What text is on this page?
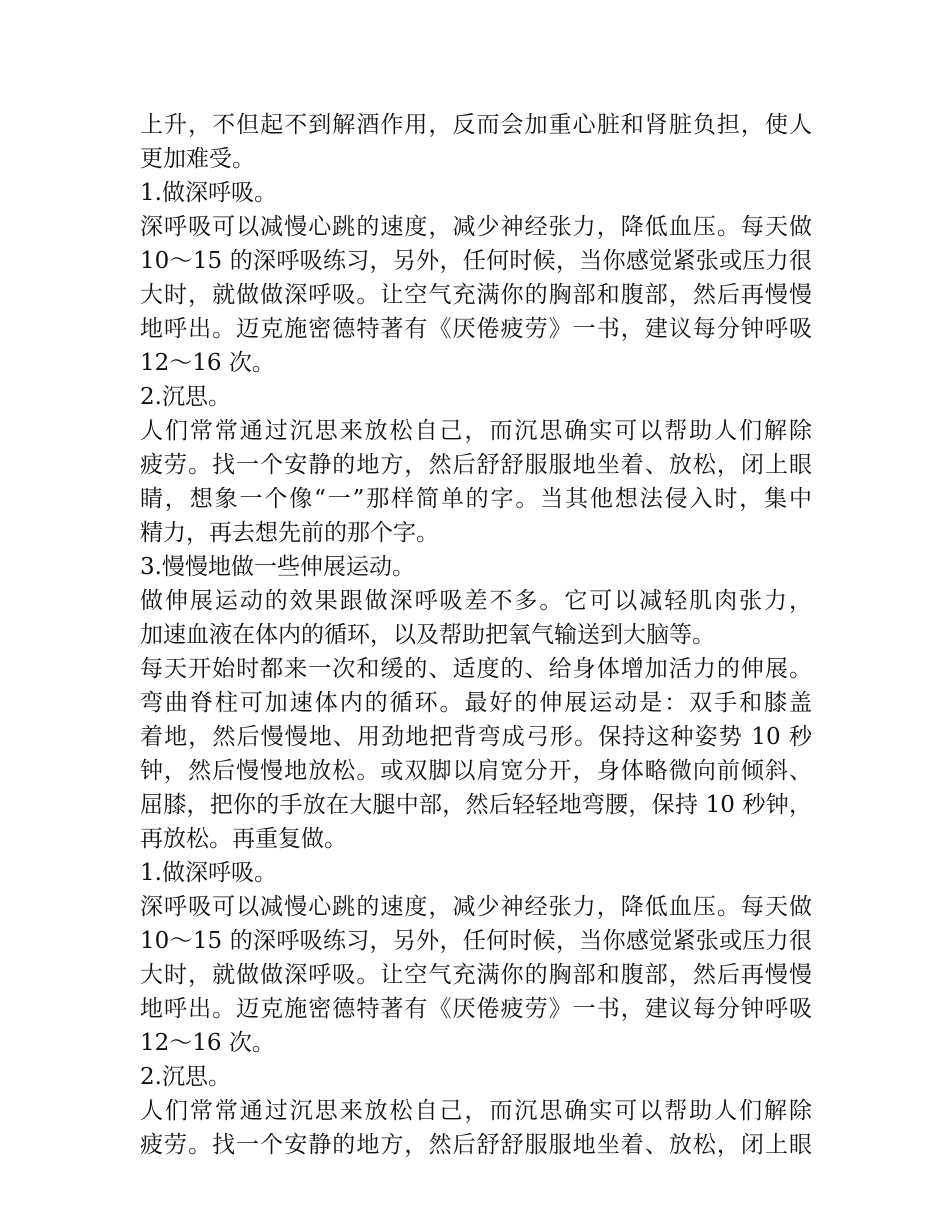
上升，不但起不到解酒作用，反而会加重心脏和肾脏负担，使人
更加难受。
1.做深呼吸。
深呼吸可以减慢心跳的速度，减少神经张力，降低血压。每天做
10～15 的深呼吸练习，另外，任何时候，当你感觉紧张或压力很
大时，就做做深呼吸。让空气充满你的胸部和腹部，然后再慢慢
地呼出。迈克施密德特著有《厌倦疲劳》一书，建议每分钟呼吸
12～16 次。
2.沉思。
人们常常通过沉思来放松自己，而沉思确实可以帮助人们解除
疲劳。找一个安静的地方，然后舒舒服服地坐着、放松，闭上眼
睛，想象一个像“一”那样简单的字。当其他想法侵入时，集中
精力，再去想先前的那个字。
3.慢慢地做一些伸展运动。
做伸展运动的效果跟做深呼吸差不多。它可以减轻肌肉张力，
加速血液在体内的循环，以及帮助把氧气输送到大脑等。
每天开始时都来一次和缓的、适度的、给身体增加活力的伸展。
弯曲脊柱可加速体内的循环。最好的伸展运动是：双手和膝盖
着地，然后慢慢地、用劲地把背弯成弓形。保持这种姿势 10 秒
钟，然后慢慢地放松。或双脚以肩宽分开，身体略微向前倾斜、
屈膝，把你的手放在大腿中部，然后轻轻地弯腰，保持 10 秒钟，
再放松。再重复做。
1.做深呼吸。
深呼吸可以减慢心跳的速度，减少神经张力，降低血压。每天做
10～15 的深呼吸练习，另外，任何时候，当你感觉紧张或压力很
大时，就做做深呼吸。让空气充满你的胸部和腹部，然后再慢慢
地呼出。迈克施密德特著有《厌倦疲劳》一书，建议每分钟呼吸
12～16 次。
2.沉思。
人们常常通过沉思来放松自己，而沉思确实可以帮助人们解除
疲劳。找一个安静的地方，然后舒舒服服地坐着、放松，闭上眼
